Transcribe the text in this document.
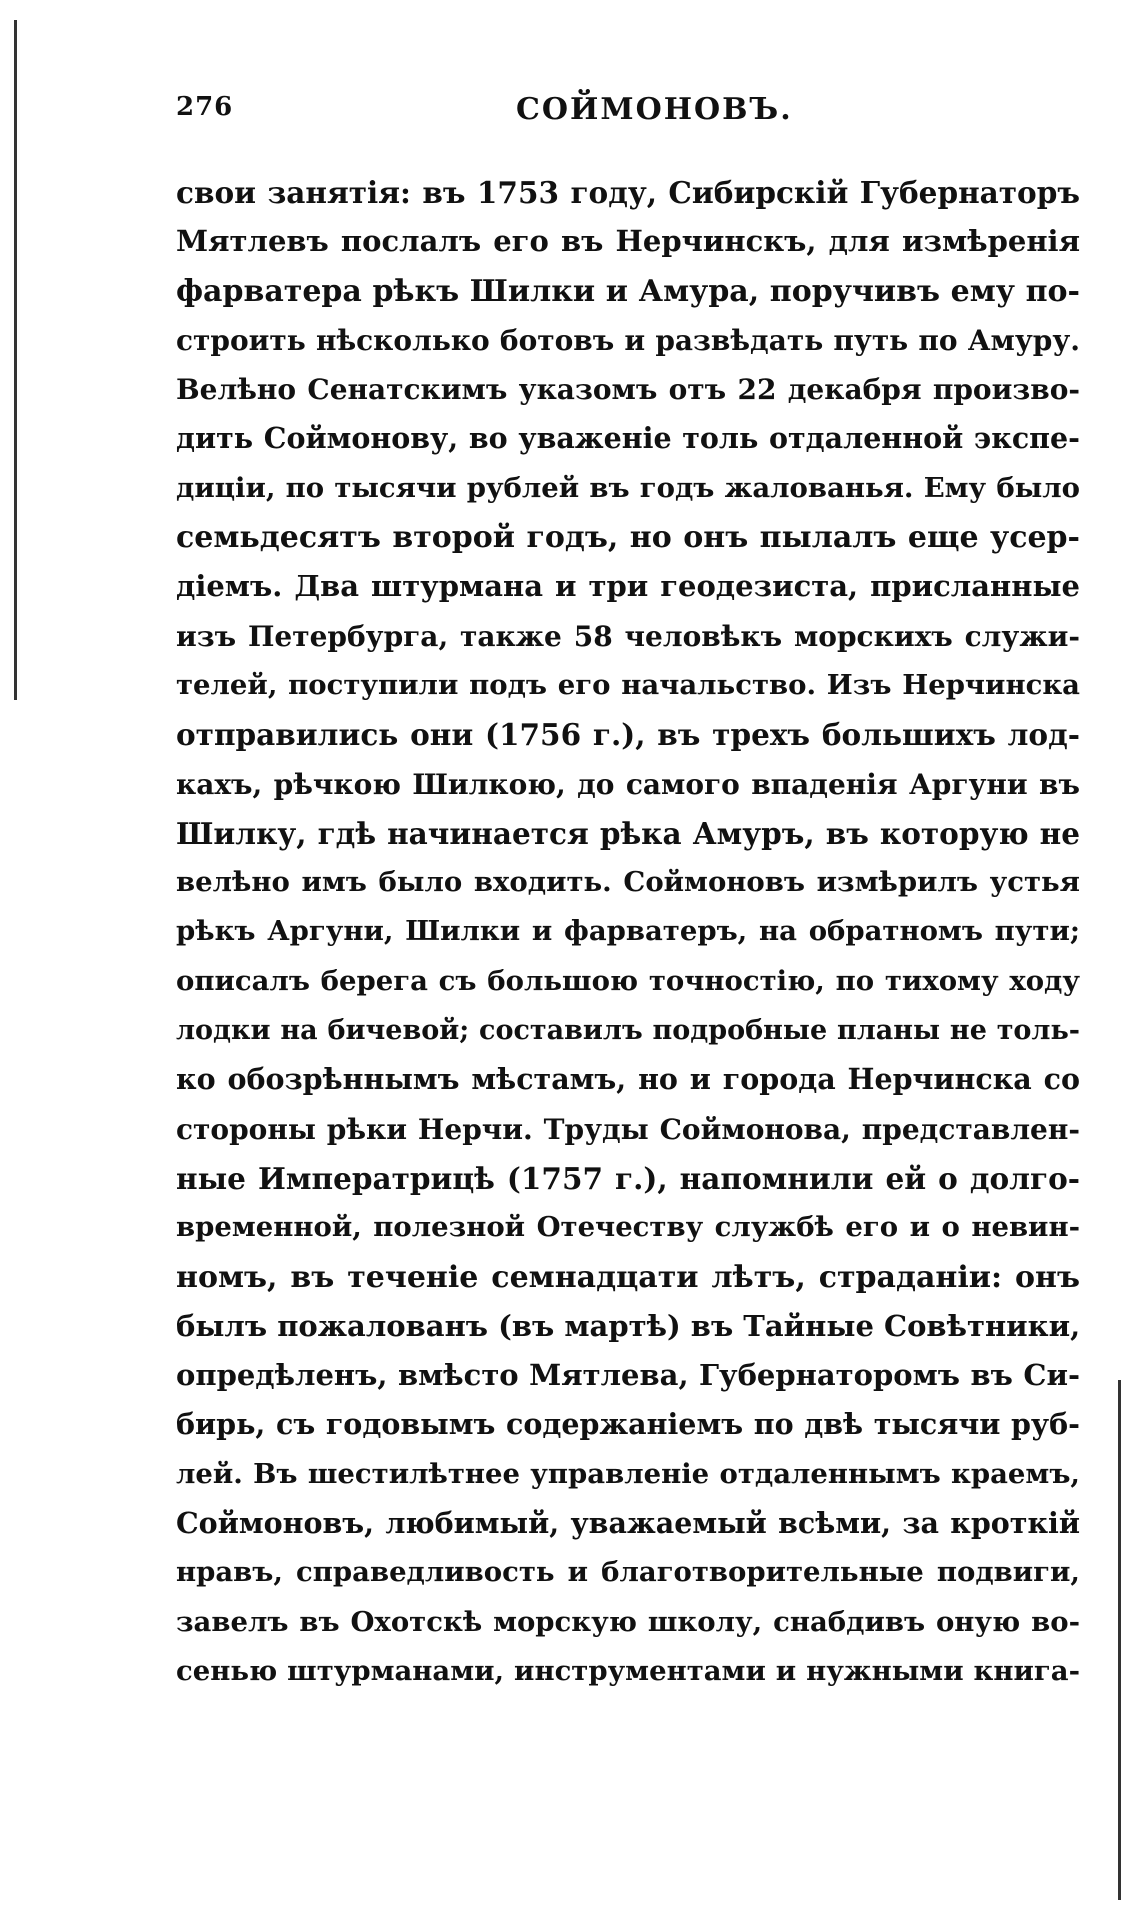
276	СОЙМОНОВЪ.
свои занятія: въ 1753 году, Сибирскій Губернаторъ
Мятлевъ послалъ его въ Нерчинскъ, для измѣренія
фарватера рѣкъ Шилки и Амура, поручивъ ему по-
строить нѣсколько ботовъ и развѣдать путь по Амуру.
Велѣно Сенатскимъ указомъ отъ 22 декабря произво-
дить Соймонову, во уваженіе толь отдаленной экспе-
диціи, по тысячи рублей въ годъ жалованья. Ему было
семьдесятъ второй годъ, но онъ пылалъ еще усер-
діемъ. Два штурмана и три геодезиста, присланные
изъ Петербурга, также 58 человѣкъ морскихъ служи-
телей, поступили подъ его начальство. Изъ Нерчинска
отправились они (1756 г.), въ трехъ большихъ лод-
кахъ, рѣчкою Шилкою, до самого впаденія Аргуни въ
Шилку, гдѣ начинается рѣка Амуръ, въ которую не
велѣно имъ было входить. Соймоновъ измѣрилъ устья
рѣкъ Аргуни, Шилки и фарватеръ, на обратномъ пути;
описалъ берега съ большою точностію, по тихому ходу
лодки на бичевой; составилъ подробные планы не толь-
ко обозрѣннымъ мѣстамъ, но и города Нерчинска со
стороны рѣки Нерчи. Труды Соймонова, представлен-
ные Императрицѣ (1757 г.), напомнили ей о долго-
временной, полезной Отечеству службѣ его и о невин-
номъ, въ теченіе семнадцати лѣтъ, страданіи: онъ
былъ пожалованъ (въ мартѣ) въ Тайные Совѣтники,
опредѣленъ, вмѣсто Мятлева, Губернаторомъ въ Си-
бирь, съ годовымъ содержаніемъ по двѣ тысячи руб-
лей. Въ шестилѣтнее управленіе отдаленнымъ краемъ,
Соймоновъ, любимый, уважаемый всѣми, за кроткій
нравъ, справедливость и благотворительные подвиги,
завелъ въ Охотскѣ морскую школу, снабдивъ оную во-
сенью штурманами, инструментами и нужными книга-
